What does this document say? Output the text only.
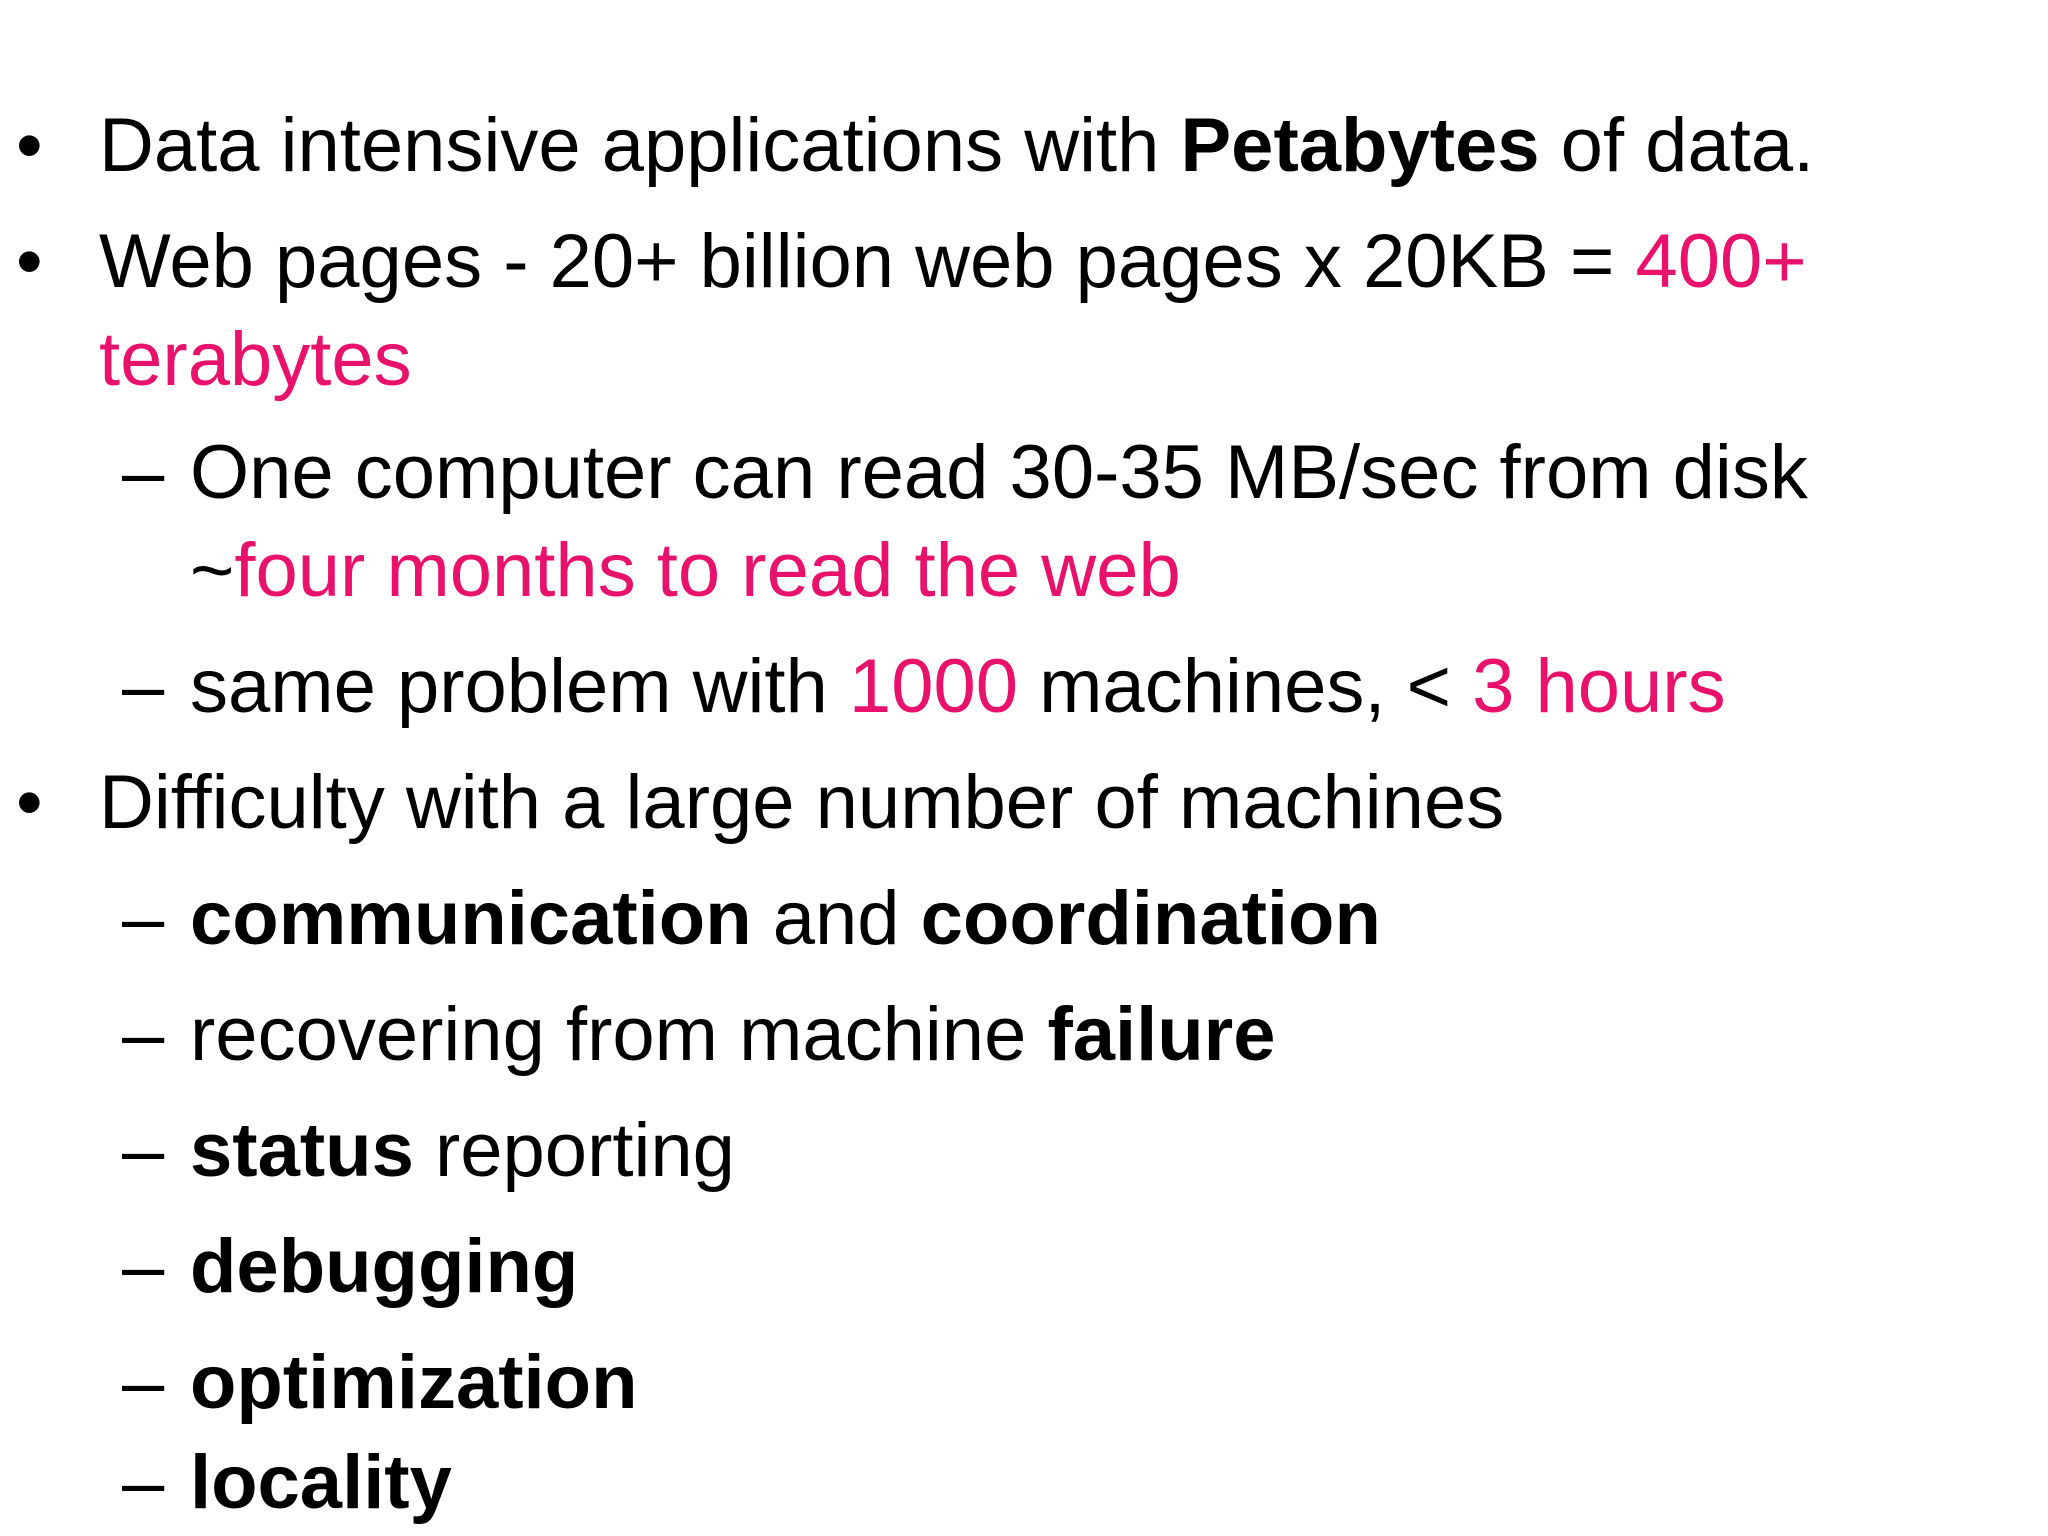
• Data intensive applications with Petabytes of data.
• Web pages - 20+ billion web pages x 20KB = 400+
terabytes
– One computer can read 30-35 MB/sec from disk
~four months to read the web
– same problem with 1000 machines, < 3 hours
• Difficulty with a large number of machines
– communication and coordination
– recovering from machine failure
– status reporting
– debugging
– optimization
– locality
